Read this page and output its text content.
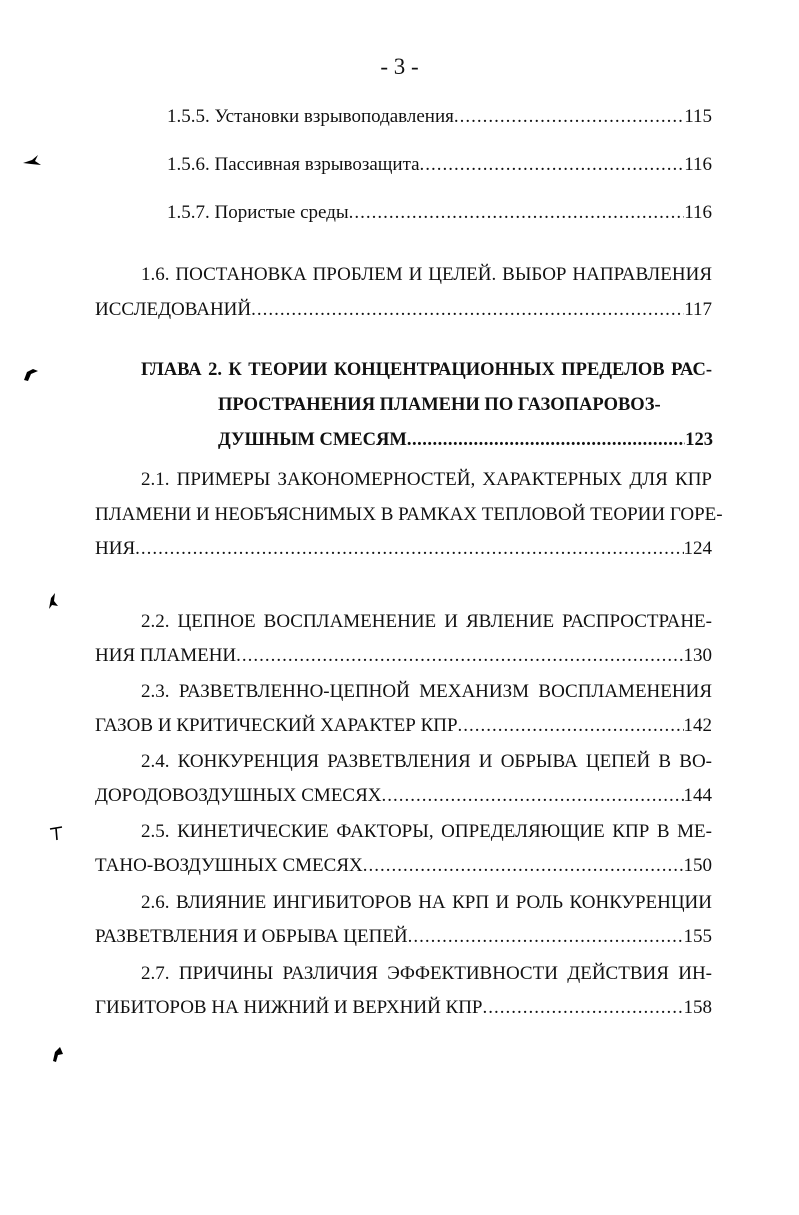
- 3 -
1.5.5. Установки взрывоподавления .....	115
1.5.6. Пассивная взрывозащита .....	116
1.5.7. Пористые среды .....	116
1.6. ПОСТАНОВКА ПРОБЛЕМ И ЦЕЛЕЙ. ВЫБОР НАПРАВЛЕНИЯ
ИССЛЕДОВАНИЙ .....	117
ГЛАВА 2. К ТЕОРИИ КОНЦЕНТРАЦИОННЫХ ПРЕДЕЛОВ РАС-
ПРОСТРАНЕНИЯ ПЛАМЕНИ ПО ГАЗОПАРОВОЗ-
ДУШНЫМ СМЕСЯМ .....	123
2.1. ПРИМЕРЫ ЗАКОНОМЕРНОСТЕЙ, ХАРАКТЕРНЫХ ДЛЯ КПР
ПЛАМЕНИ И НЕОБЪЯСНИМЫХ В РАМКАХ ТЕПЛОВОЙ ТЕОРИИ ГОРЕ-
НИЯ .....	124
2.2. ЦЕПНОЕ ВОСПЛАМЕНЕНИЕ И ЯВЛЕНИЕ РАСПРОСТРАНЕ-
НИЯ ПЛАМЕНИ .....	130
2.3. РАЗВЕТВЛЕННО-ЦЕПНОЙ МЕХАНИЗМ ВОСПЛАМЕНЕНИЯ
ГАЗОВ И КРИТИЧЕСКИЙ ХАРАКТЕР КПР .....	142
2.4. КОНКУРЕНЦИЯ РАЗВЕТВЛЕНИЯ И ОБРЫВА ЦЕПЕЙ В ВО-
ДОРОДОВОЗДУШНЫХ СМЕСЯХ .....	144
2.5. КИНЕТИЧЕСКИЕ ФАКТОРЫ, ОПРЕДЕЛЯЮЩИЕ КПР В МЕ-
ТАНО-ВОЗДУШНЫХ СМЕСЯХ .....	150
2.6. ВЛИЯНИЕ ИНГИБИТОРОВ НА КРП И РОЛЬ КОНКУРЕНЦИИ
РАЗВЕТВЛЕНИЯ И ОБРЫВА ЦЕПЕЙ .....	155
2.7. ПРИЧИНЫ РАЗЛИЧИЯ ЭФФЕКТИВНОСТИ ДЕЙСТВИЯ ИН-
ГИБИТОРОВ НА НИЖНИЙ И ВЕРХНИЙ КПР .....	158
